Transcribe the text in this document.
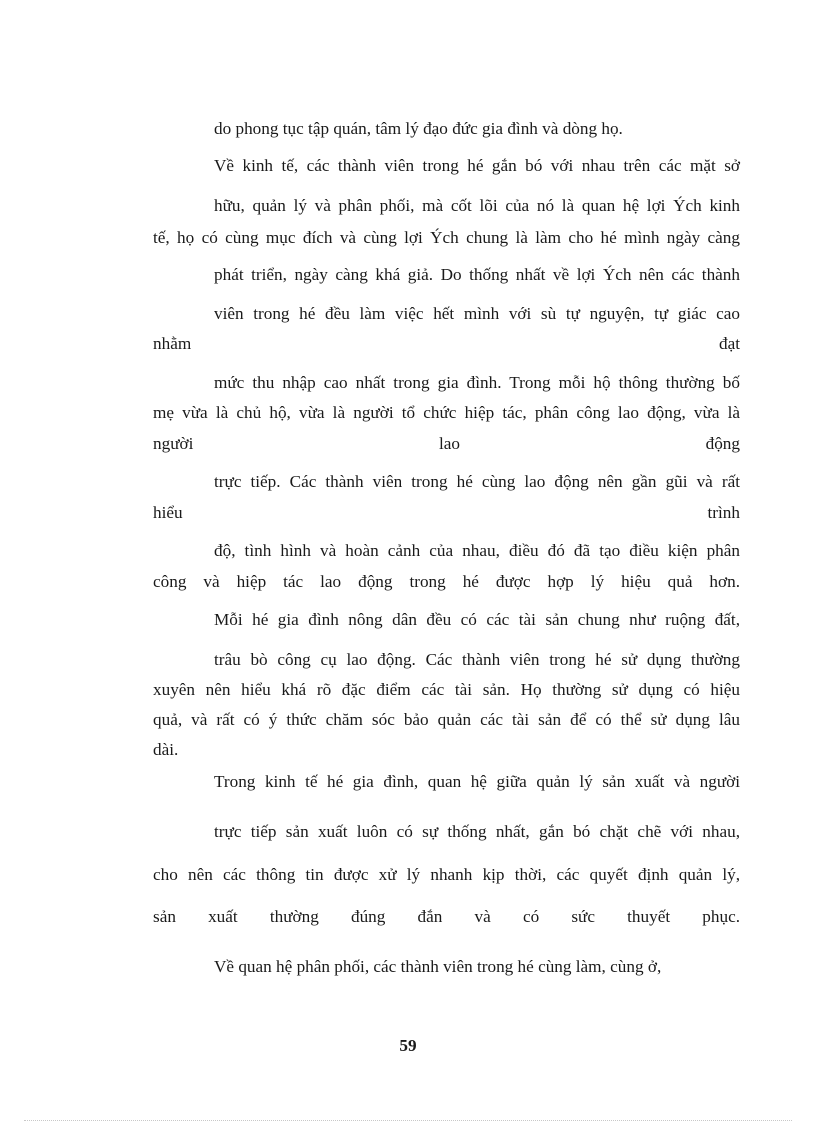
do phong tục tập quán, tâm lý đạo đức gia đình và dòng họ.
Về kinh tế, các thành viên trong hé gắn bó với nhau trên các mặt sở
hữu, quản lý và phân phối, mà cốt lõi của nó là quan hệ lợi Ých kinh
tế, họ có cùng mục đích và cùng lợi Ých chung là làm cho hé mình ngày càng
phát triển, ngày càng khá giả. Do thống nhất về lợi Ých nên các thành
viên trong hé đều làm việc hết mình với sù tự nguyện, tự giác cao
nhằm đạt
mức thu nhập cao nhất trong gia đình. Trong mỗi hộ thông thường bố
mẹ vừa là chủ hộ, vừa là người tổ chức hiệp tác, phân công lao động, vừa là
người lao động
trực tiếp. Các thành viên trong hé cùng lao động nên gần gũi và rất
hiểu trình
độ, tình hình và hoàn cảnh của nhau, điều đó đã tạo điều kiện phân
công và hiệp tác lao động trong hé được hợp lý hiệu quả hơn.
Mỗi hé gia đình nông dân đều có các tài sản chung như ruộng đất,
trâu bò công cụ lao động. Các thành viên trong hé sử dụng thường
xuyên nên hiểu khá rõ đặc điểm các tài sản. Họ thường sử dụng có hiệu
quả, và rất có ý thức chăm sóc bảo quản các tài sản để có thể sử dụng lâu
dài.
Trong kinh tế hé gia đình, quan hệ giữa quản lý sản xuất và người
trực tiếp sản xuất luôn có sự thống nhất, gắn bó chặt chẽ với nhau,
cho nên các thông tin được xử lý nhanh kịp thời, các quyết định quản lý,
sản xuất thường đúng đắn và có sức thuyết phục.
Về quan hệ phân phối, các thành viên trong hé cùng làm, cùng ở,
59
